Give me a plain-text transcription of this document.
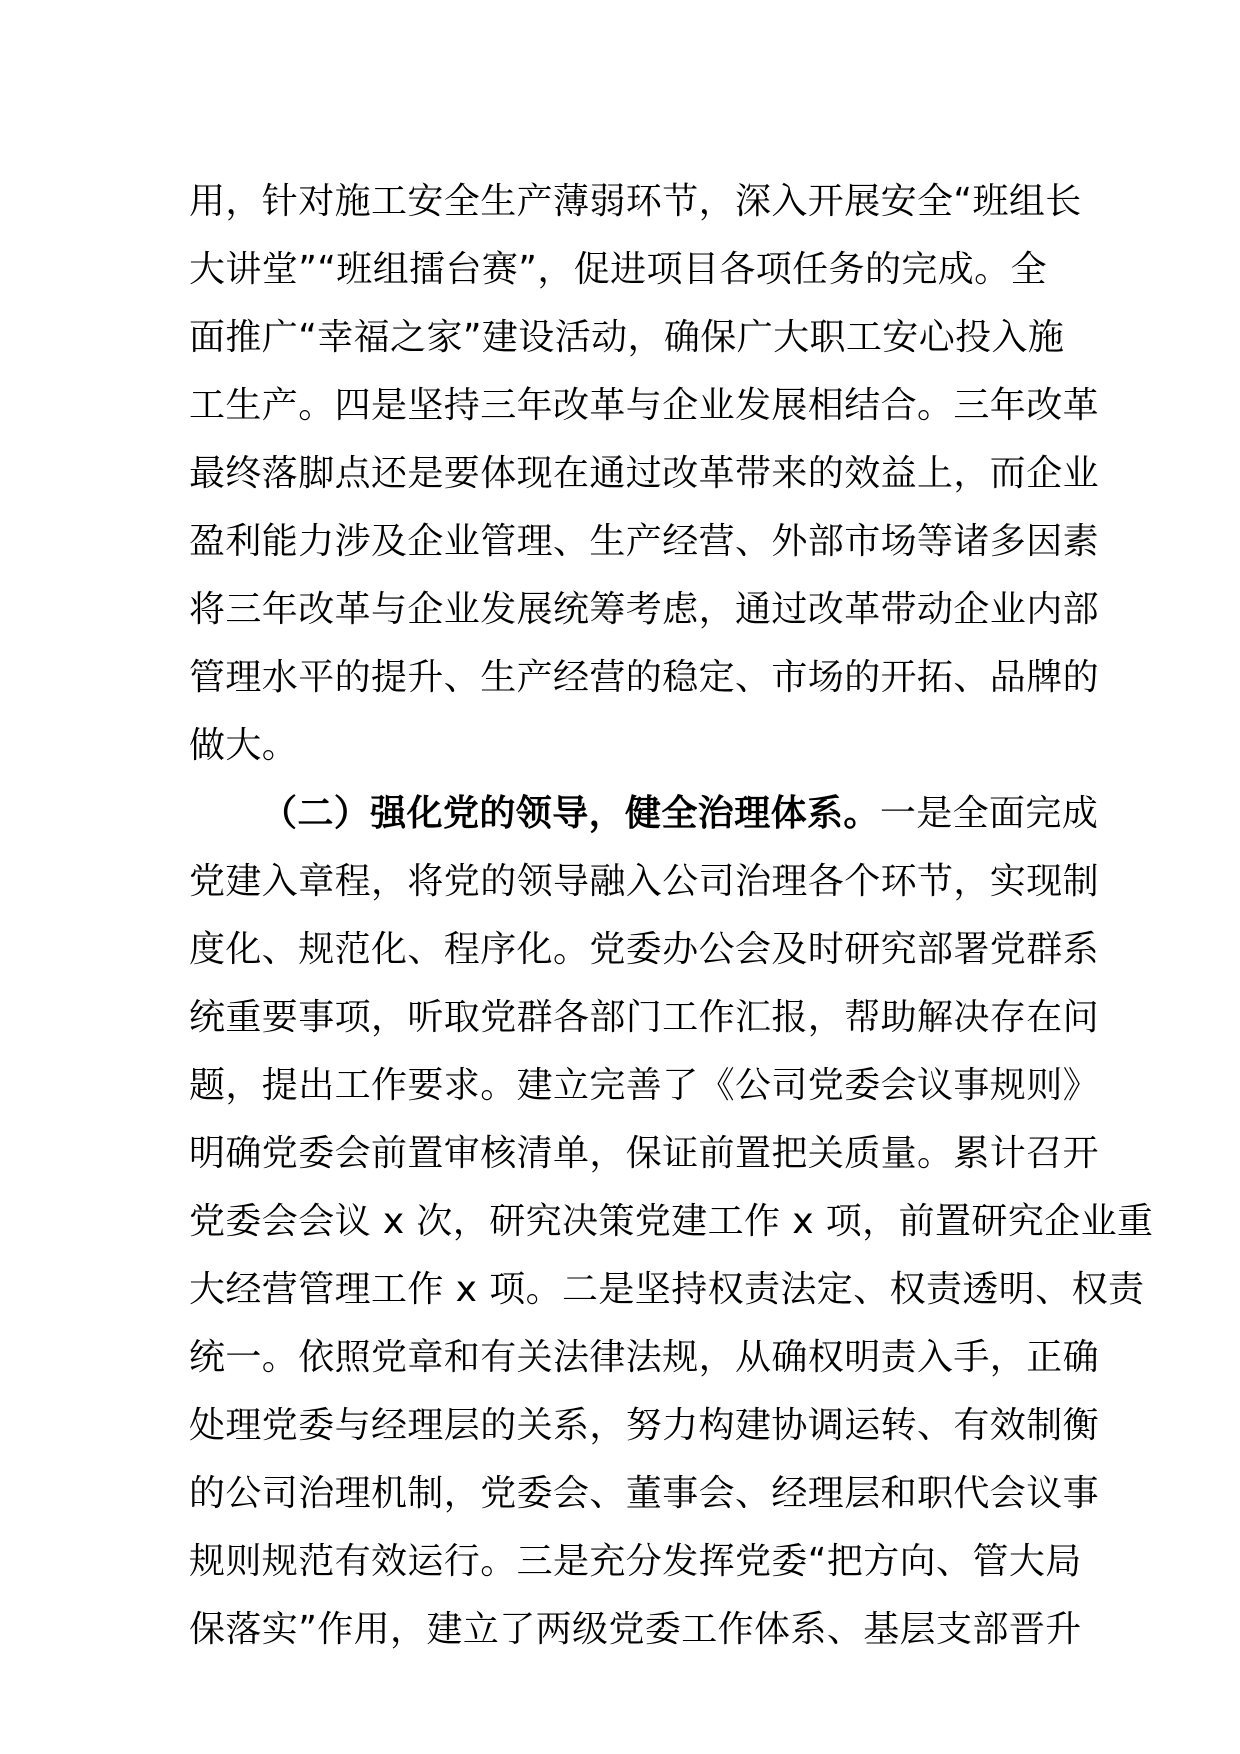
用，针对施工安全生产薄弱环节，深入开展安全“班组长
大讲堂”“班组擂台赛”，促进项目各项任务的完成。全
面推广“幸福之家”建设活动，确保广大职工安心投入施
工生产。四是坚持三年改革与企业发展相结合。三年改革
最终落脚点还是要体现在通过改革带来的效益上，而企业
盈利能力涉及企业管理、生产经营、外部市场等诸多因素
将三年改革与企业发展统筹考虑，通过改革带动企业内部
管理水平的提升、生产经营的稳定、市场的开拓、品牌的
做大。
（二）强化党的领导，健全治理体系。一是全面完成
党建入章程，将党的领导融入公司治理各个环节，实现制
度化、规范化、程序化。党委办公会及时研究部署党群系
统重要事项，听取党群各部门工作汇报，帮助解决存在问
题，提出工作要求。建立完善了《公司党委会议事规则》
明确党委会前置审核清单，保证前置把关质量。累计召开
党委会会议 x 次，研究决策党建工作 x 项，前置研究企业重
大经营管理工作 x 项。二是坚持权责法定、权责透明、权责
统一。依照党章和有关法律法规，从确权明责入手，正确
处理党委与经理层的关系，努力构建协调运转、有效制衡
的公司治理机制，党委会、董事会、经理层和职代会议事
规则规范有效运行。三是充分发挥党委“把方向、管大局
保落实”作用，建立了两级党委工作体系、基层支部晋升
